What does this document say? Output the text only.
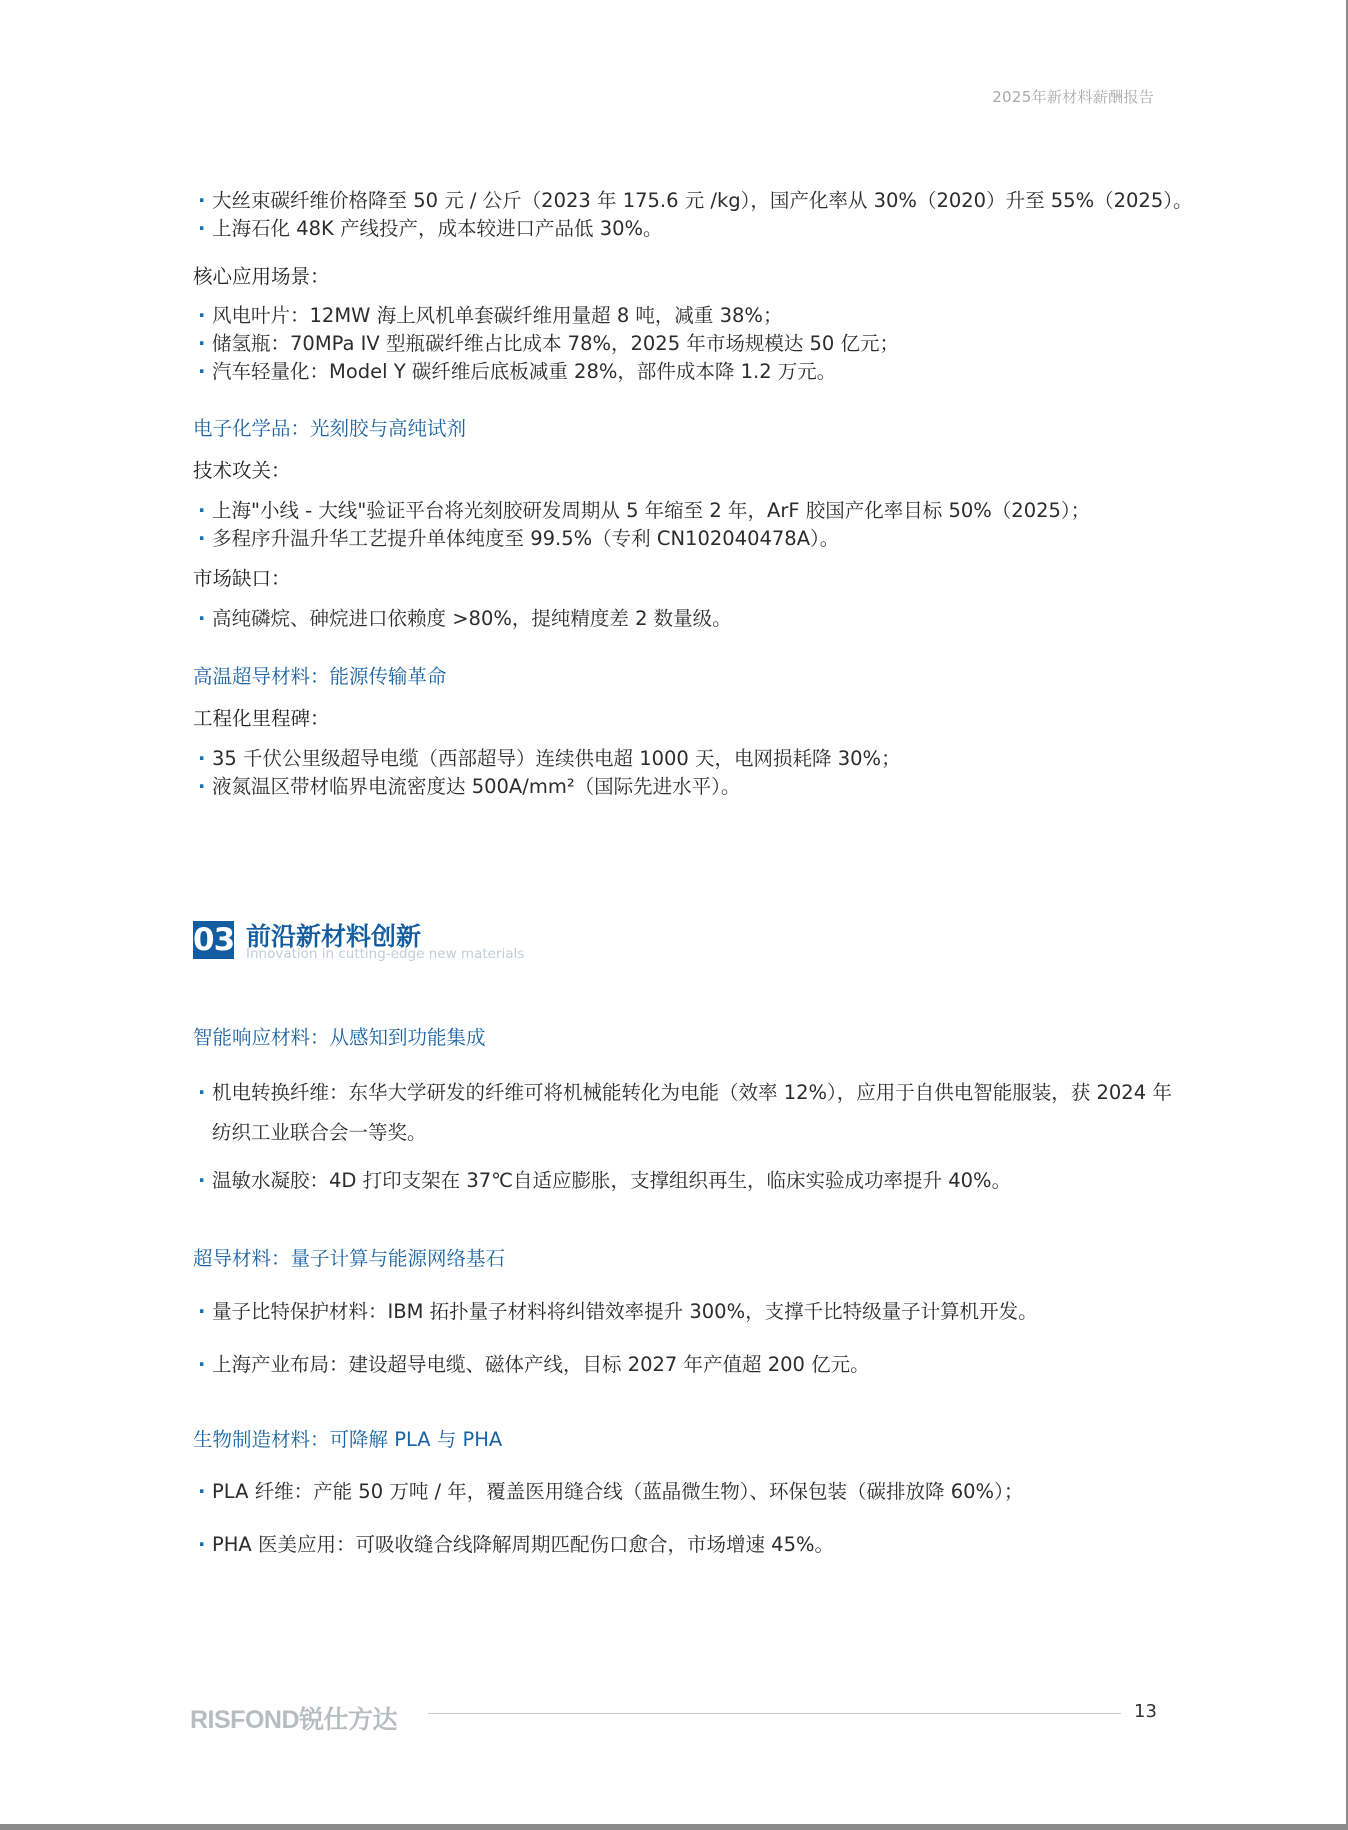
2025年新材料薪酬报告
· 大丝束碳纤维价格降至 50 元 / 公斤（2023 年 175.6 元 /kg），国产化率从 30%（2020）升至 55%（2025）。
· 上海石化 48K 产线投产，成本较进口产品低 30%。
核心应用场景：
· 风电叶片：12MW 海上风机单套碳纤维用量超 8 吨，减重 38%；
· 储氢瓶：70MPa IV 型瓶碳纤维占比成本 78%，2025 年市场规模达 50 亿元；
· 汽车轻量化：Model Y 碳纤维后底板减重 28%，部件成本降 1.2 万元。
电子化学品：光刻胶与高纯试剂
技术攻关：
· 上海"小线 - 大线"验证平台将光刻胶研发周期从 5 年缩至 2 年，ArF 胶国产化率目标 50%（2025）；
· 多程序升温升华工艺提升单体纯度至 99.5%（专利 CN102040478A）。
市场缺口：
· 高纯磷烷、砷烷进口依赖度 >80%，提纯精度差 2 数量级。
高温超导材料：能源传输革命
工程化里程碑：
· 35 千伏公里级超导电缆（西部超导）连续供电超 1000 天，电网损耗降 30%；
· 液氮温区带材临界电流密度达 500A/mm²（国际先进水平）。
03 前沿新材料创新
Innovation in cutting-edge new materials
智能响应材料：从感知到功能集成
· 机电转换纤维：东华大学研发的纤维可将机械能转化为电能（效率 12%），应用于自供电智能服装，获 2024 年纺织工业联合会一等奖。
· 温敏水凝胶：4D 打印支架在 37℃自适应膨胀，支撑组织再生，临床实验成功率提升 40%。
超导材料：量子计算与能源网络基石
· 量子比特保护材料：IBM 拓扑量子材料将纠错效率提升 300%，支撑千比特级量子计算机开发。
· 上海产业布局：建设超导电缆、磁体产线，目标 2027 年产值超 200 亿元。
生物制造材料：可降解 PLA 与 PHA
· PLA 纤维：产能 50 万吨 / 年，覆盖医用缝合线（蓝晶微生物）、环保包装（碳排放降 60%）；
· PHA 医美应用：可吸收缝合线降解周期匹配伤口愈合，市场增速 45%。
RISFOND锐仕方达	13
